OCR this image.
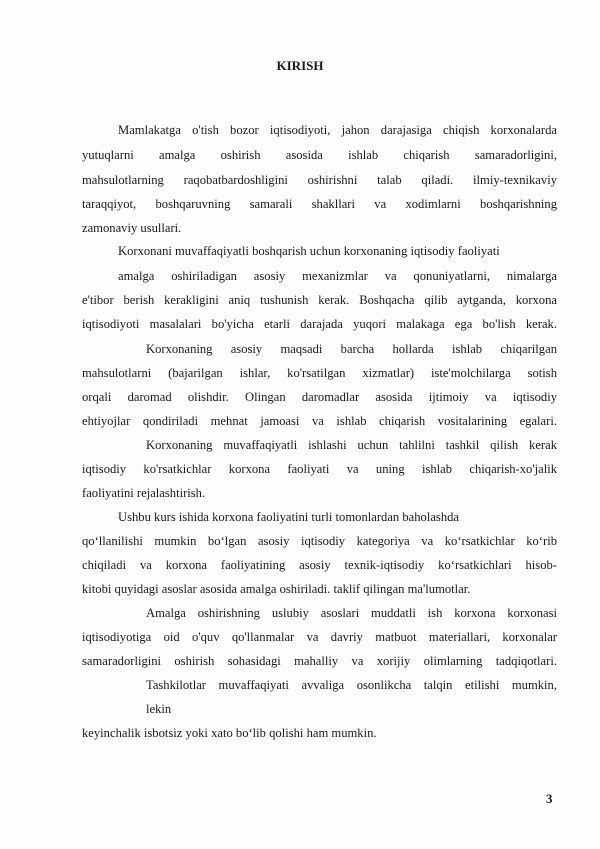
KIRISH

Mamlakatga o'tish bozor iqtisodiyoti, jahon darajasiga chiqish korxonalarda

yutuqlarni amalga oshirish asosida ishlab chiqarish samaradorligini,

mahsulotlarning raqobatbardoshligini oshirishni talab qiladi. ilmiy-texnikaviy

taraqqiyot, boshqaruvning samarali shakllari va xodimlarni boshqarishning

zamonaviy usullari.

Korxonani muvaffaqiyatli boshqarish uchun korxonaning iqtisodiy faoliyati

amalga oshiriladigan asosiy mexanizmlar va qonuniyatlarni, nimalarga

e'tibor berish kerakligini aniq tushunish kerak. Boshqacha qilib aytganda, korxona

iqtisodiyoti masalalari bo'yicha etarli darajada yuqori malakaga ega bo'lish kerak.

Korxonaning asosiy maqsadi barcha hollarda ishlab chiqarilgan

mahsulotlarni (bajarilgan ishlar, ko'rsatilgan xizmatlar) iste'molchilarga sotish

orqali daromad olishdir. Olingan daromadlar asosida ijtimoiy va iqtisodiy

ehtiyojlar qondiriladi mehnat jamoasi va ishlab chiqarish vositalarining egalari.

Korxonaning muvaffaqiyatli ishlashi uchun tahlilni tashkil qilish kerak

iqtisodiy ko'rsatkichlar korxona faoliyati va uning ishlab chiqarish-xo'jalik

faoliyatini rejalashtirish.

Ushbu kurs ishida korxona faoliyatini turli tomonlardan baholashda

qo‘llanilishi mumkin bo‘lgan asosiy iqtisodiy kategoriya va ko‘rsatkichlar ko‘rib

chiqiladi va korxona faoliyatining asosiy texnik-iqtisodiy ko‘rsatkichlari hisob-

kitobi quyidagi asoslar asosida amalga oshiriladi. taklif qilingan ma'lumotlar.

Amalga oshirishning uslubiy asoslari muddatli ish korxona korxonasi

iqtisodiyotiga oid o'quv qo'llanmalar va davriy matbuot materiallari, korxonalar

samaradorligini oshirish sohasidagi mahalliy va xorijiy olimlarning tadqiqotlari.

Tashkilotlar muvaffaqiyati avvaliga osonlikcha talqin etilishi mumkin,

lekin

keyinchalik isbotsiz yoki xato bo‘lib qolishi ham mumkin.

3
